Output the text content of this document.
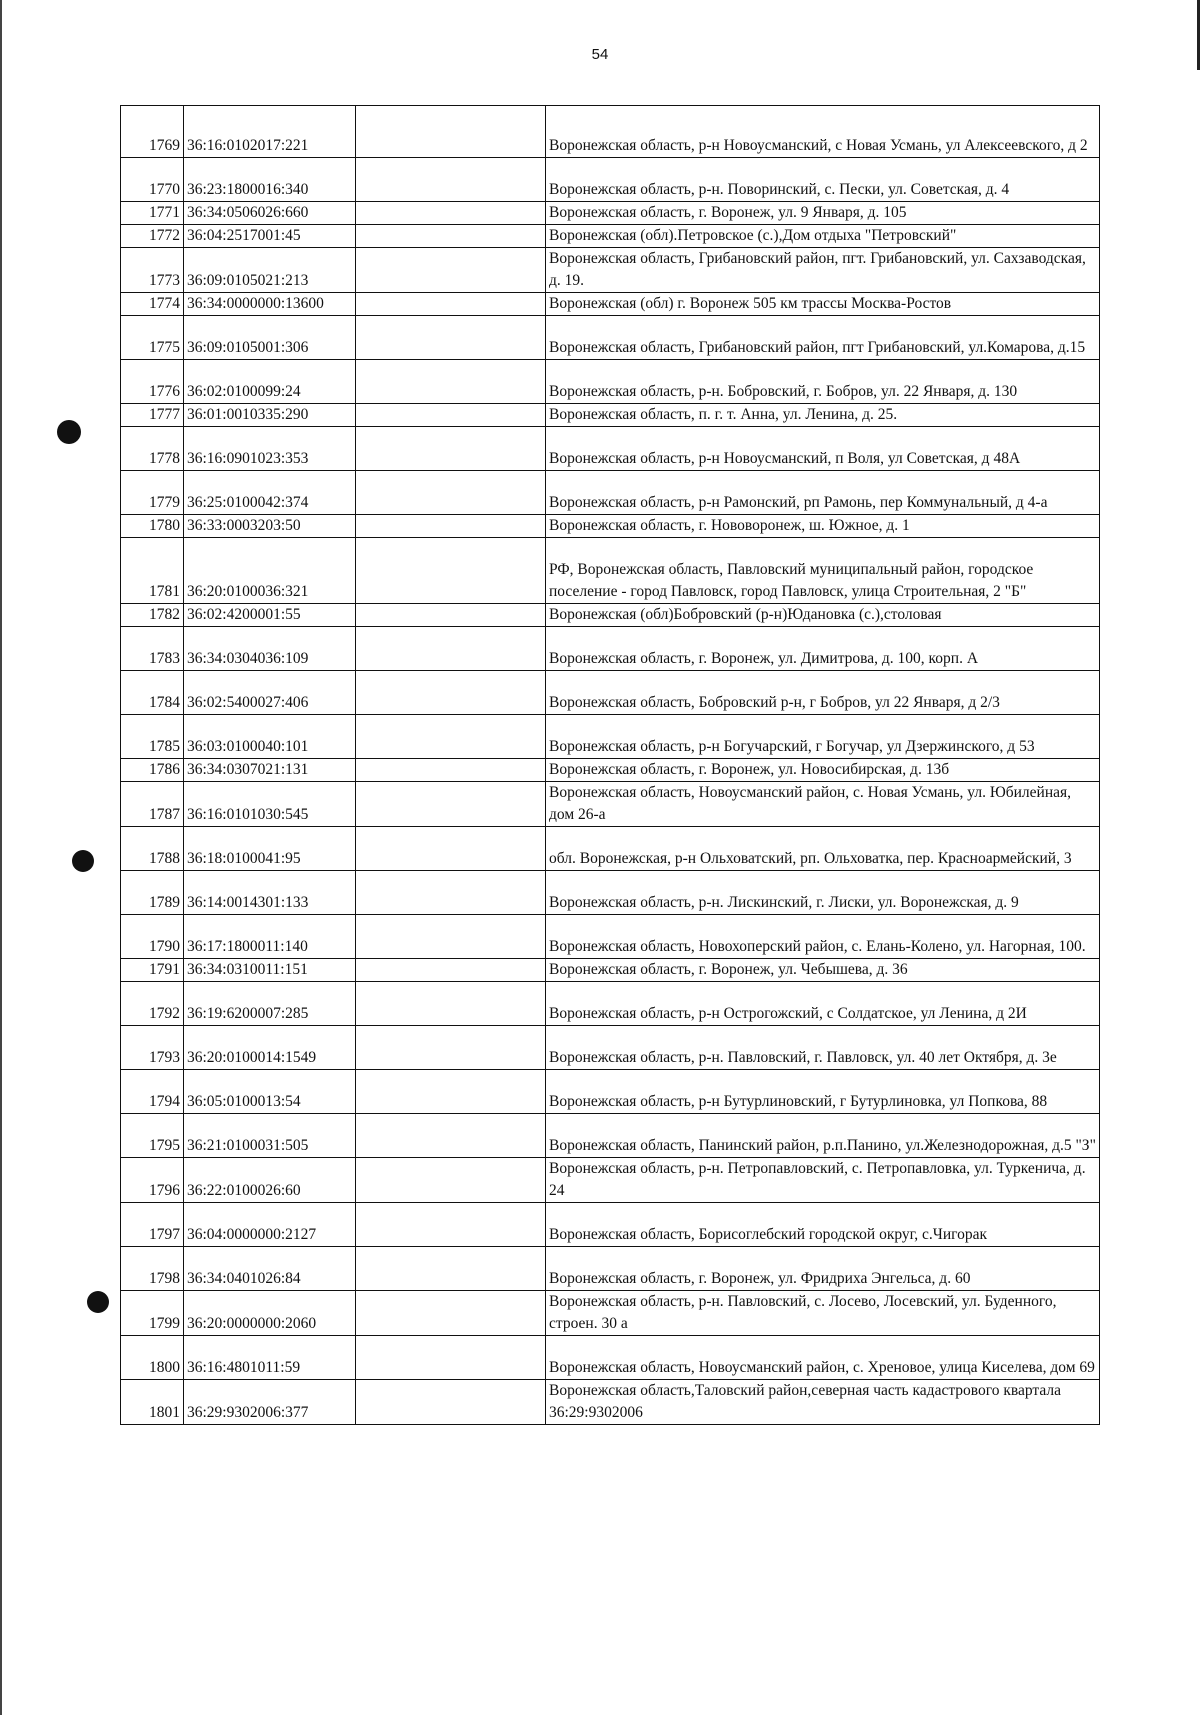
54
1769	36:16:0102017:221		Воронежская область, р-н Новоусманский, с Новая Усмань, ул Алексеевского, д 2
1770	36:23:1800016:340		Воронежская область, р-н. Поворинский, с. Пески, ул. Советская, д. 4
1771	36:34:0506026:660		Воронежская область, г. Воронеж, ул. 9 Января, д. 105
1772	36:04:2517001:45		Воронежская (обл).Петровское (с.),Дом отдыха "Петровский"
1773	36:09:0105021:213		Воронежская область, Грибановский район, пгт. Грибановский, ул. Сахзаводская, д. 19.
1774	36:34:0000000:13600		Воронежская (обл) г. Воронеж 505 км трассы Москва-Ростов
1775	36:09:0105001:306		Воронежская область, Грибановский район, пгт Грибановский, ул.Комарова, д.15
1776	36:02:0100099:24		Воронежская область, р-н. Бобровский, г. Бобров, ул. 22 Января, д. 130
1777	36:01:0010335:290		Воронежская область, п. г. т. Анна, ул. Ленина, д. 25.
1778	36:16:0901023:353		Воронежская область, р-н Новоусманский, п Воля, ул Советская, д 48А
1779	36:25:0100042:374		Воронежская область, р-н Рамонский, рп Рамонь, пер Коммунальный, д 4-а
1780	36:33:0003203:50		Воронежская область, г. Нововоронеж, ш. Южное, д. 1
1781	36:20:0100036:321		РФ, Воронежская область, Павловский муниципальный район, городское поселение - город Павловск, город Павловск, улица Строительная, 2 "Б"
1782	36:02:4200001:55		Воронежская (обл)Бобровский (р-н)Юдановка (с.),столовая
1783	36:34:0304036:109		Воронежская область, г. Воронеж, ул. Димитрова, д. 100, корп. А
1784	36:02:5400027:406		Воронежская область, Бобровский р-н, г Бобров, ул 22 Января, д 2/3
1785	36:03:0100040:101		Воронежская область, р-н Богучарский, г Богучар, ул Дзержинского, д 53
1786	36:34:0307021:131		Воронежская область, г. Воронеж, ул. Новосибирская, д. 13б
1787	36:16:0101030:545		Воронежская область, Новоусманский район, с. Новая Усмань, ул. Юбилейная, дом 26-а
1788	36:18:0100041:95		обл. Воронежская, р-н Ольховатский, рп. Ольховатка, пер. Красноармейский, 3
1789	36:14:0014301:133		Воронежская область, р-н. Лискинский, г. Лиски, ул. Воронежская, д. 9
1790	36:17:1800011:140		Воронежская область, Новохоперский район, с. Елань-Колено, ул. Нагорная, 100.
1791	36:34:0310011:151		Воронежская область, г. Воронеж, ул. Чебышева, д. 36
1792	36:19:6200007:285		Воронежская область, р-н Острогожский, с Солдатское, ул Ленина, д 2И
1793	36:20:0100014:1549		Воронежская область, р-н. Павловский, г. Павловск, ул. 40 лет Октября, д. 3е
1794	36:05:0100013:54		Воронежская область, р-н Бутурлиновский, г Бутурлиновка, ул Попкова, 88
1795	36:21:0100031:505		Воронежская область, Панинский район, р.п.Панино, ул.Железнодорожная, д.5 "З"
1796	36:22:0100026:60		Воронежская область, р-н. Петропавловский, с. Петропавловка, ул. Туркенича, д. 24
1797	36:04:0000000:2127		Воронежская область, Борисоглебский городской округ, с.Чигорак
1798	36:34:0401026:84		Воронежская область, г. Воронеж, ул. Фридриха Энгельса, д. 60
1799	36:20:0000000:2060		Воронежская область, р-н. Павловский, с. Лосево, Лосевский, ул. Буденного, строен. 30 а
1800	36:16:4801011:59		Воронежская область, Новоусманский район, с. Хреновое, улица Киселева, дом 69
1801	36:29:9302006:377		Воронежская область,Таловский район,северная часть кадастрового квартала 36:29:9302006
